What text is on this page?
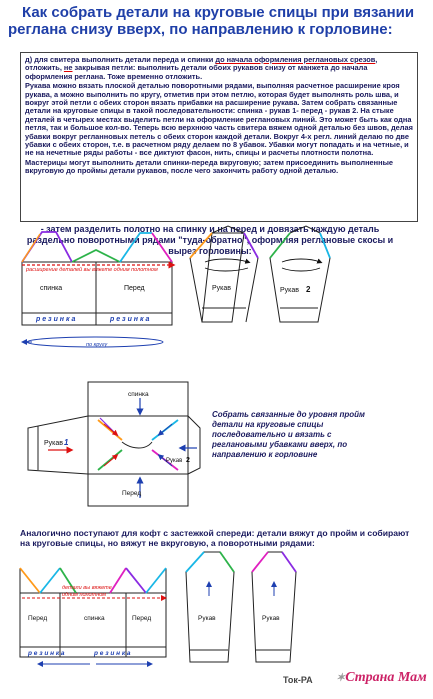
Как собрать детали на круговые спицы при вязании реглана снизу вверх, по направлению к горловине:

д) для свитера выполнить детали переда и спинки до начала оформления реглановых срезов, отложить, не закрывая петли: выполнить детали обоих рукавов снизу от манжета до начала оформления реглана. Тоже временно отложить.

Рукава можно вязать плоской деталью поворотными рядами, выполняя расчетное расширение кроя рукава, а можно выполнить по кругу, отметив при этом петлю, которая будет выполнять роль шва, и вокруг этой петли с обеих сторон вязать прибавки на расширение рукава. Затем собрать связанные детали на круговые спицы в такой последовательности: спинка - рукав 1- перед - рукав 2. На стыке деталей в четырех местах выделить петли на оформление реглановых линий. Это может быть как одна петля, так и большое кол-во. Теперь всю верхнюю часть свитера вяжем одной деталью без швов, делая убавки вокруг регланновых петель с обеих сторон каждой детали. Вокруг 4-х регл. линий делаю по две убавки с обеих сторон, т.е. в расчетном ряду делаем по 8 убавок. Убавки могут попадать и на четные, и не на нечетные ряды работы - все диктуют фасон, нить, спицы и расчеты плотности полотна.

Мастерицы могут выполнить детали спинки-переда вкруговую; затем присоединить выполненные вкруговую до проймы детали рукавов, после чего закончить работу одной деталью.

- затем разделить полотно на спинку и на перед и довязать каждую деталь раздельно поворотными рядами "туда-обратно", оформляя реглановые скосы и вырез горловины:
расширение деталей вы вяжете одним полотном
спинка	Перед
р е з и н к а	р е з и н к а
по кругу
Рукав	Рукав 2
спинка
Перед
Рукав 1
Рукав 2
детали вы вяжете
одним полотном
Перед	спинка	Перед
р е з и н к а	р е з и н к а
Рукав	Рукав
Собрать связанные до уровня пройм детали на круговые спицы последовательно и вязать с реглановыми убавками вверх, по направлению к горловине
Аналогично поступают для кофт с застежкой спереди: детали вяжут до пройм и собирают на круговые спицы, но вяжут не вкруговую, а поворотными рядами:
Ток-РА ✶Страна Мам
